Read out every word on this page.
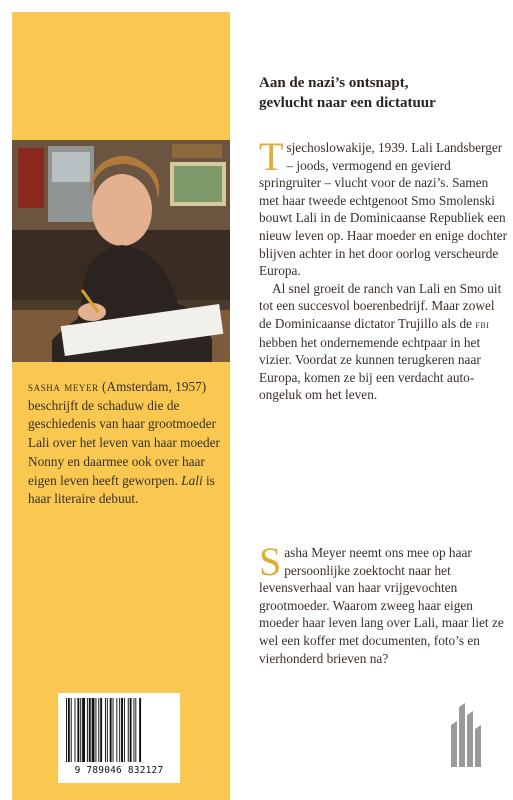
sasha meyer (Amsterdam, 1957) beschrijft de schaduw die de geschiedenis van haar grootmoeder Lali over het leven van haar moeder Nonny en daarmee ook over haar eigen leven heeft geworpen. Lali is haar literaire debuut.
9 789046 832127
Aan de nazi’s ontsnapt,
gevlucht naar een dictatuur
Tsjechoslowakije, 1939. Lali Landsberger – joods, vermogend en gevierd springruiter – vlucht voor de nazi’s. Samen met haar tweede echtgenoot Smo Smolenski bouwt Lali in de Dominicaanse Republiek een nieuw leven op. Haar moeder en enige dochter blijven achter in het door oorlog verscheurde Europa.
Al snel groeit de ranch van Lali en Smo uit tot een succesvol boerenbedrijf. Maar zowel de Dominicaanse dictator Trujillo als de fbi hebben het ondernemende echtpaar in het vizier. Voordat ze kunnen terugkeren naar Europa, komen ze bij een verdacht auto-ongeluk om het leven.
Sasha Meyer neemt ons mee op haar persoonlijke zoektocht naar het levensverhaal van haar vrijgevochten grootmoeder. Waarom zweeg haar eigen moeder haar leven lang over Lali, maar liet ze wel een koffer met documenten, foto’s en vierhonderd brieven na?
